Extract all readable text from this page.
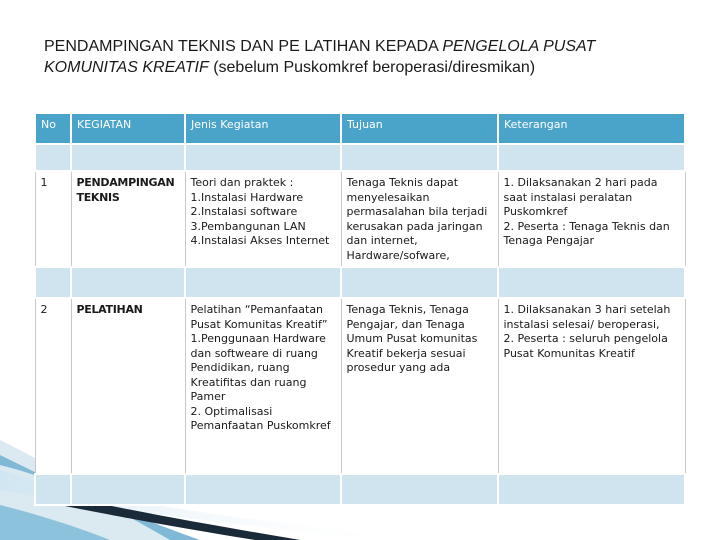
PENDAMPINGAN TEKNIS DAN PE LATIHAN KEPADA PENGELOLA PUSAT KOMUNITAS KREATIF (sebelum Puskomkref beroperasi/diresmikan)
No	KEGIATAN	Jenis Kegiatan	Tujuan	Keterangan

1	PENDAMPINGAN TEKNIS	Teori dan praktek :
1.Instalasi Hardware
2.Instalasi software
3.Pembangunan LAN
4.Instalasi Akses Internet	Tenaga Teknis dapat menyelesaikan permasalahan bila terjadi kerusakan pada jaringan dan internet, Hardware/sofware,	1. Dilaksanakan 2 hari pada saat instalasi peralatan Puskomkref
2. Peserta : Tenaga Teknis dan Tenaga Pengajar

2	PELATIHAN	Pelatihan “Pemanfaatan Pusat Komunitas Kreatif”
1.Penggunaan Hardware dan softweare di ruang Pendidikan, ruang Kreatifitas dan ruang Pamer
2. Optimalisasi Pemanfaatan Puskomkref	Tenaga Teknis, Tenaga Pengajar, dan Tenaga Umum Pusat komunitas Kreatif bekerja sesuai prosedur yang ada	1. Dilaksanakan 3 hari setelah instalasi selesai/ beroperasi,
2. Peserta : seluruh pengelola Pusat Komunitas Kreatif
